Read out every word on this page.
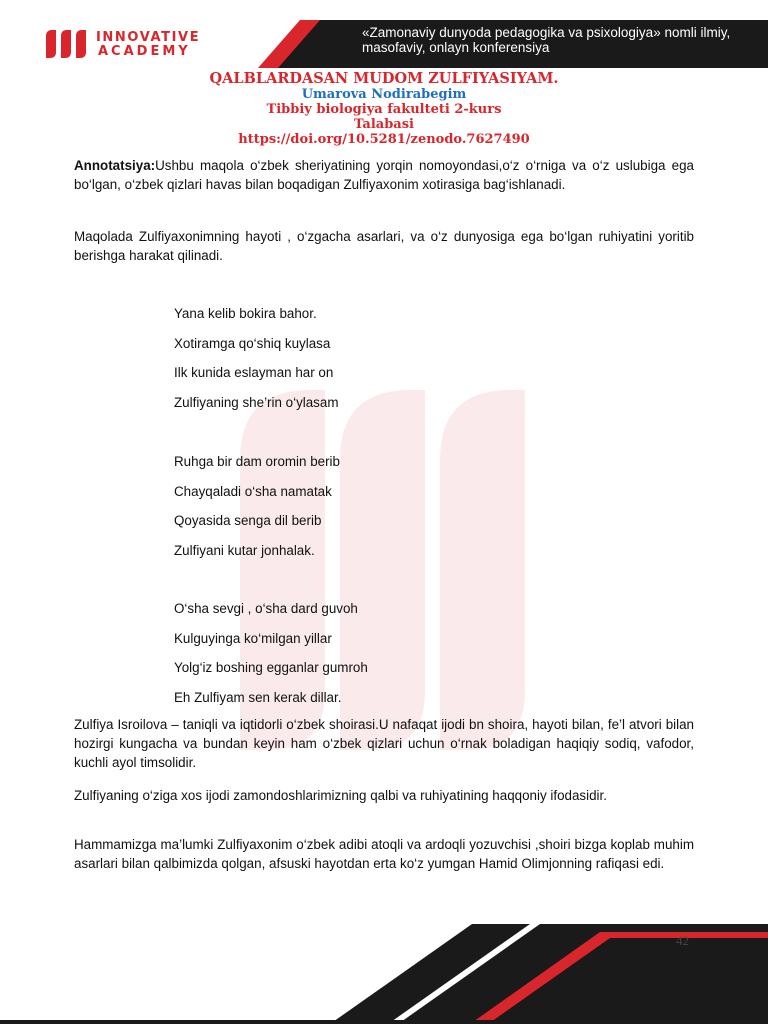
INNOVATIVE
ACADEMY
«Zamonaviy dunyoda pedagogika va psixologiya» nomli ilmiy, masofaviy, onlayn konferensiya
QALBLARDASAN MUDOM ZULFIYASIYAM.
Umarova Nodirabegim
Tibbiy biologiya fakulteti 2-kurs
Talabasi
https://doi.org/10.5281/zenodo.7627490
Annotatsiya:Ushbu maqola o‘zbek sheriyatining yorqin nomoyondasi,o‘z o‘rniga va o‘z uslubiga ega bo‘lgan, o‘zbek qizlari havas bilan boqadigan Zulfiyaxonim xotirasiga bag‘ishlanadi.
Maqolada Zulfiyaxonimning hayoti , o‘zgacha asarlari, va o‘z dunyosiga ega bo‘lgan ruhiyatini yoritib berishga harakat qilinadi.
Yana kelib bokira bahor.
Xotiramga qo‘shiq kuylasa
Ilk kunida eslayman har on
Zulfiyaning she’rin o‘ylasam
Ruhga bir dam oromin berib
Chayqaladi o‘sha namatak
Qoyasida senga dil berib
Zulfiyani kutar jonhalak.
O‘sha sevgi , o‘sha dard guvoh
Kulguyinga ko‘milgan yillar
Yolg‘iz boshing egganlar gumroh
Eh Zulfiyam sen kerak dillar.
Zulfiya Isroilova – taniqli va iqtidorli o‘zbek shoirasi.U nafaqat ijodi bn shoira, hayoti bilan, fe’l atvori bilan hozirgi kungacha va bundan keyin ham o‘zbek qizlari uchun o‘rnak boladigan haqiqiy sodiq, vafodor, kuchli ayol timsolidir.
Zulfiyaning o‘ziga xos ijodi zamondoshlarimizning qalbi va ruhiyatining haqqoniy ifodasidir.
Hammamizga ma’lumki Zulfiyaxonim o‘zbek adibi atoqli va ardoqli yozuvchisi ,shoiri bizga koplab muhim asarlari bilan qalbimizda qolgan, afsuski hayotdan erta ko‘z yumgan Hamid Olimjonning rafiqasi edi.
42
